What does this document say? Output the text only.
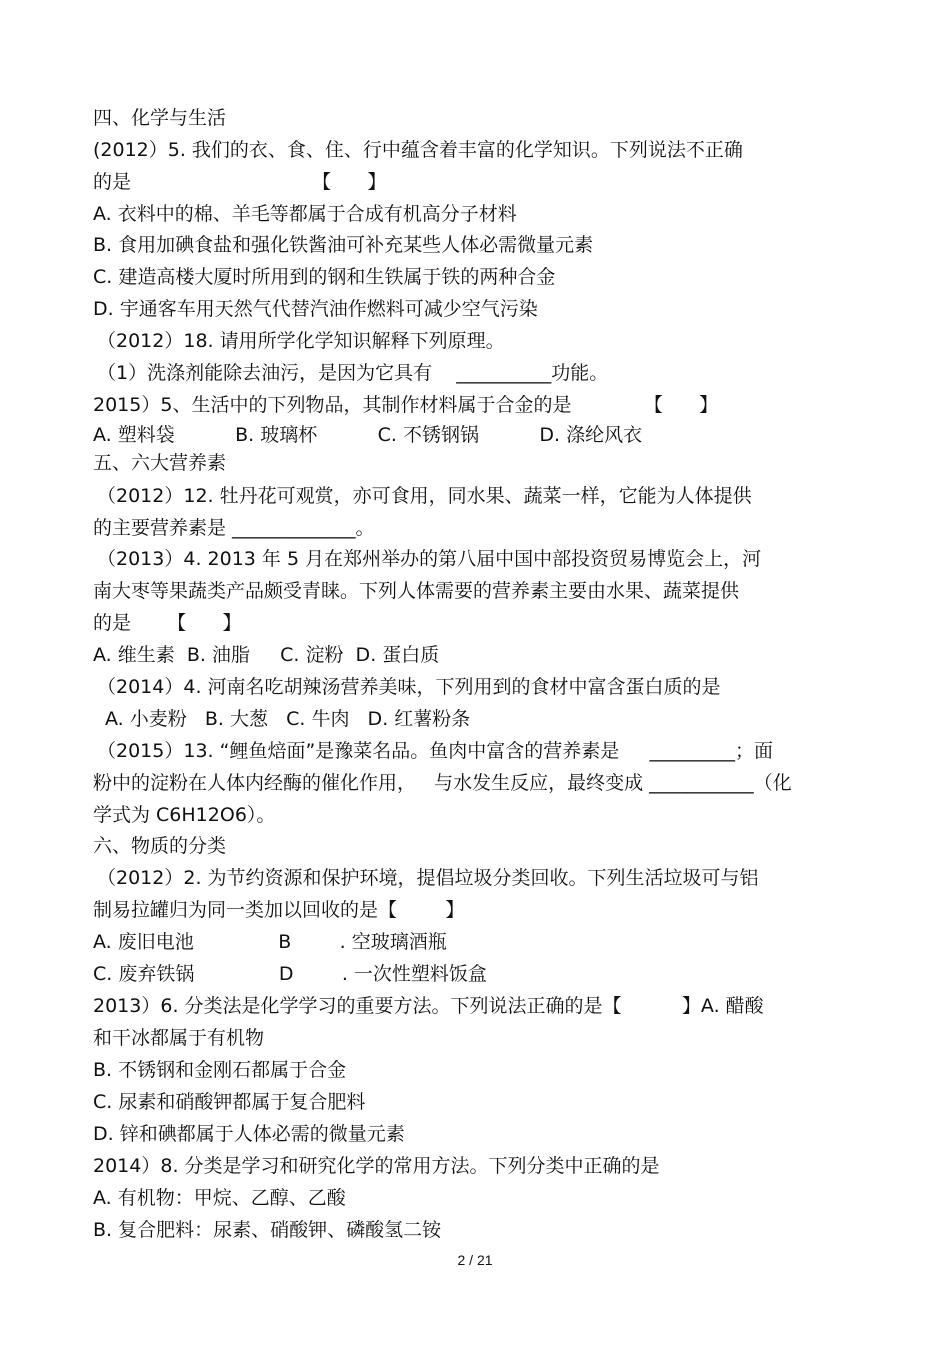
四、化学与生活

(2012）5. 我们的衣、食、住、行中蕴含着丰富的化学知识。下列说法不正确

的是                              【      】

A. 衣料中的棉、羊毛等都属于合成有机高分子材料

B. 食用加碘食盐和强化铁酱油可补充某些人体必需微量元素

C. 建造高楼大厦时所用到的钢和生铁属于铁的两种合金

D. 宇通客车用天然气代替汽油作燃料可减少空气污染

（2012）18. 请用所学化学知识解释下列原理。

（1）洗涤剂能除去油污，是因为它具有    __________功能。

2015）5、生活中的下列物品，其制作材料属于合金的是            【      】

A. 塑料袋          B. 玻璃杯          C. 不锈钢锅          D. 涤纶风衣

五、六大营养素

（2012）12. 牡丹花可观赏，亦可食用，同水果、蔬菜一样，它能为人体提供

的主要营养素是 _____________。

（2013）4. 2013 年 5 月在郑州举办的第八届中国中部投资贸易博览会上，河

南大枣等果蔬类产品颇受青睐。下列人体需要的营养素主要由水果、蔬菜提供

的是      【      】

A. 维生素  B. 油脂     C. 淀粉  D. 蛋白质

（2014）4. 河南名吃胡辣汤营养美味，下列用到的食材中富含蛋白质的是

A. 小麦粉   B. 大葱   C. 牛肉   D. 红薯粉条

（2015）13. “鲤鱼焙面”是豫菜名品。鱼肉中富含的营养素是     _________；面

粉中的淀粉在人体内经酶的催化作用，   与水发生反应，最终变成 ___________（化

学式为 C6H12O6）。

六、物质的分类

（2012）2. 为节约资源和保护环境，提倡垃圾分类回收。下列生活垃圾可与铝

制易拉罐归为同一类加以回收的是【        】

A. 废旧电池              B        . 空玻璃酒瓶

C. 废弃铁锅              D        . 一次性塑料饭盒

2013）6. 分类法是化学学习的重要方法。下列说法正确的是【          】A. 醋酸

和干冰都属于有机物

B. 不锈钢和金刚石都属于合金

C. 尿素和硝酸钾都属于复合肥料

D. 锌和碘都属于人体必需的微量元素

2014）8. 分类是学习和研究化学的常用方法。下列分类中正确的是

A. 有机物：甲烷、乙醇、乙酸

B. 复合肥料：尿素、硝酸钾、磷酸氢二铵

2 / 21
